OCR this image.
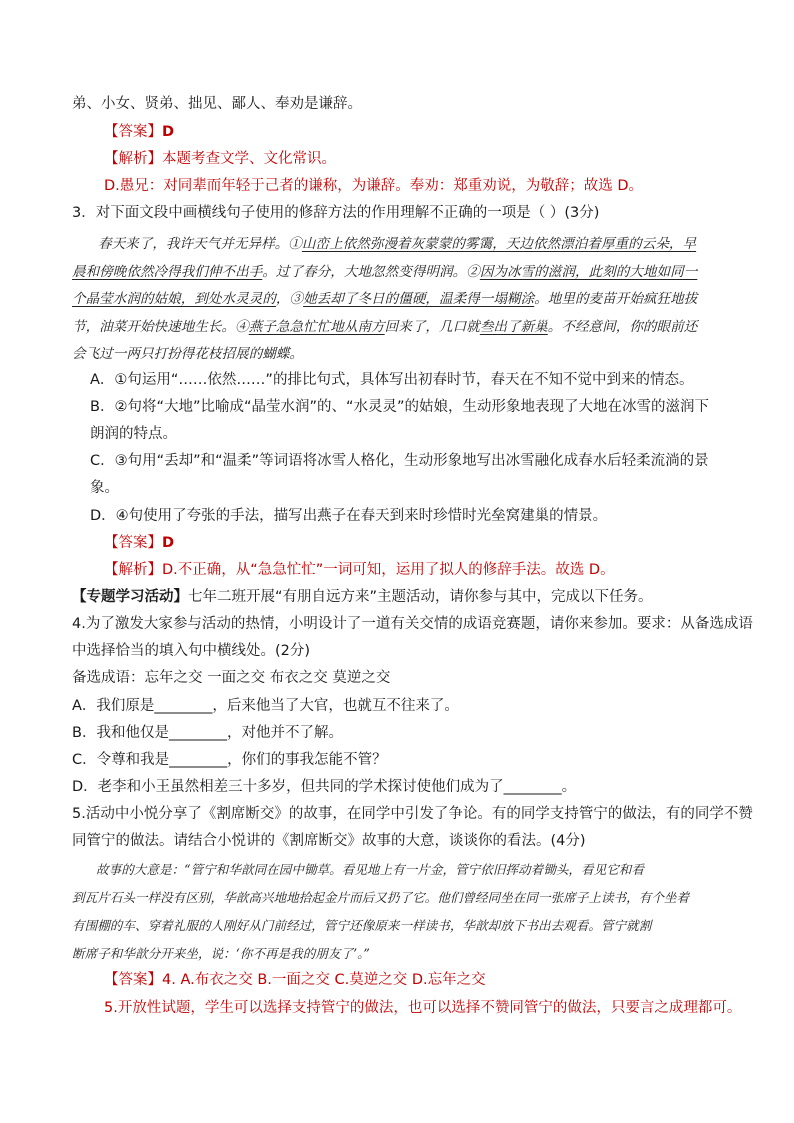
弟、小女、贤弟、拙见、鄙人、奉劝是谦辞。
【答案】D
【解析】本题考查文学、文化常识。
D.愚兄：对同辈而年轻于己者的谦称，为谦辞。奉劝：郑重劝说，为敬辞；故选 D。
3．对下面文段中画横线句子使用的修辞方法的作用理解不正确的一项是（ ）(3分)
春天来了，我许天气并无异样。①山峦上依然弥漫着灰蒙蒙的雾霭，天边依然漂泊着厚重的云朵，早
晨和傍晚依然冷得我们伸不出手。过了春分，大地忽然变得明润。②因为冰雪的滋润，此刻的大地如同一
个晶莹水润的姑娘，到处水灵灵的，③她丢却了冬日的僵硬，温柔得一塌糊涂。地里的麦苗开始疯狂地拔
节，油菜开始快速地生长。④燕子急急忙忙地从南方回来了，几口就叁出了新巢。不经意间，你的眼前还
会飞过一两只打扮得花枝招展的蝴蝶。
A．①句运用“……依然……”的排比句式，具体写出初春时节，春天在不知不觉中到来的情态。
B．②句将“大地”比喻成“晶莹水润”的、“水灵灵”的姑娘，生动形象地表现了大地在冰雪的滋润下
朗润的特点。
C．③句用“丢却”和“温柔”等词语将冰雪人格化，生动形象地写出冰雪融化成春水后轻柔流淌的景
象。
D．④句使用了夸张的手法，描写出燕子在春天到来时珍惜时光垒窝建巢的情景。
【答案】D
【解析】D.不正确，从“急急忙忙”一词可知，运用了拟人的修辞手法。故选 D。
【专题学习活动】七年二班开展“有朋自远方来”主题活动，请你参与其中，完成以下任务。
4.为了激发大家参与活动的热情，小明设计了一道有关交情的成语竞赛题，请你来参加。要求：从备选成语
中选择恰当的填入句中横线处。(2分)
备选成语：忘年之交 一面之交 布衣之交 莫逆之交
A．我们原是________，后来他当了大官，也就互不往来了。
B．我和他仅是________，对他并不了解。
C．令尊和我是________，你们的事我怎能不管？
D．老李和小王虽然相差三十多岁，但共同的学术探讨使他们成为了________。
5.活动中小悦分享了《割席断交》的故事，在同学中引发了争论。有的同学支持管宁的做法，有的同学不赞
同管宁的做法。请结合小悦讲的《割席断交》故事的大意，谈谈你的看法。(4分)
故事的大意是：“管宁和华歆同在园中锄草。看见地上有一片金，管宁依旧挥动着锄头，看见它和看
到瓦片石头一样没有区别，华歆高兴地地拾起金片而后又扔了它。他们曾经同坐在同一张席子上读书，有个坐着
有围棚的车、穿着礼服的人刚好从门前经过，管宁还像原来一样读书，华歆却放下书出去观看。管宁就割
断席子和华歆分开来坐，说：‘你不再是我的朋友了’。”
【答案】4. A.布衣之交 B.一面之交 C.莫逆之交 D.忘年之交
5.开放性试题，学生可以选择支持管宁的做法，也可以选择不赞同管宁的做法，只要言之成理都可。
